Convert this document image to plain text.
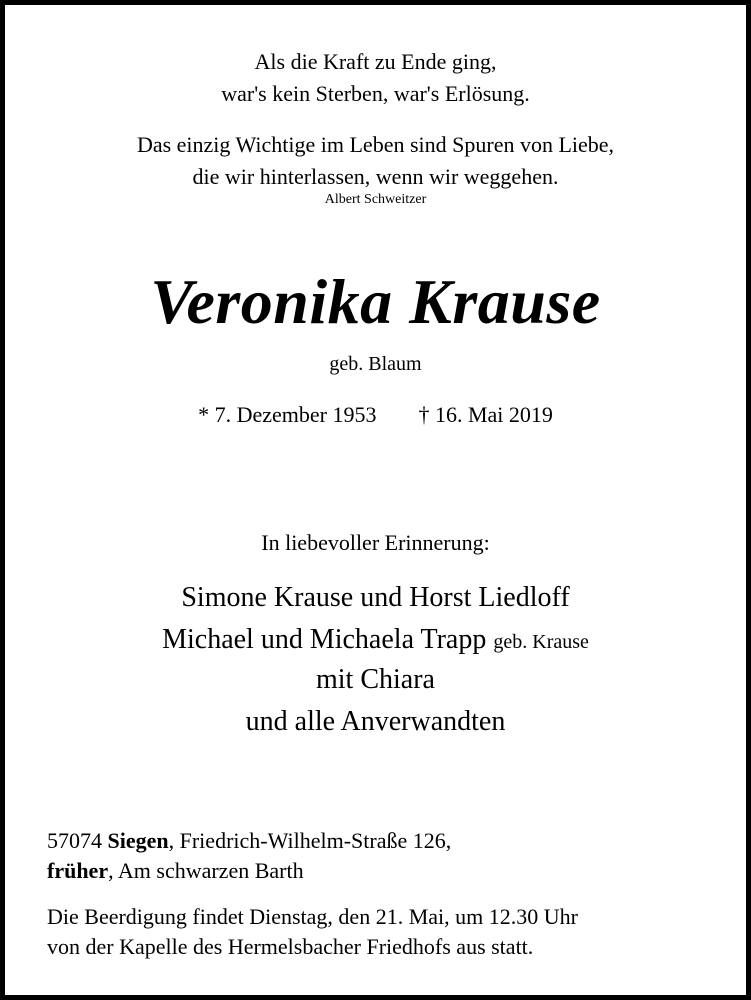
Als die Kraft zu Ende ging,
war's kein Sterben, war's Erlösung.
Das einzig Wichtige im Leben sind Spuren von Liebe,
die wir hinterlassen, wenn wir weggehen.
Albert Schweitzer
Veronika Krause
geb. Blaum
* 7. Dezember 1953 † 16. Mai 2019
In liebevoller Erinnerung:
Simone Krause und Horst Liedloff
Michael und Michaela Trapp geb. Krause
mit Chiara
und alle Anverwandten
57074 Siegen, Friedrich-Wilhelm-Straße 126,
früher, Am schwarzen Barth
Die Beerdigung findet Dienstag, den 21. Mai, um 12.30 Uhr
von der Kapelle des Hermelsbacher Friedhofs aus statt.
